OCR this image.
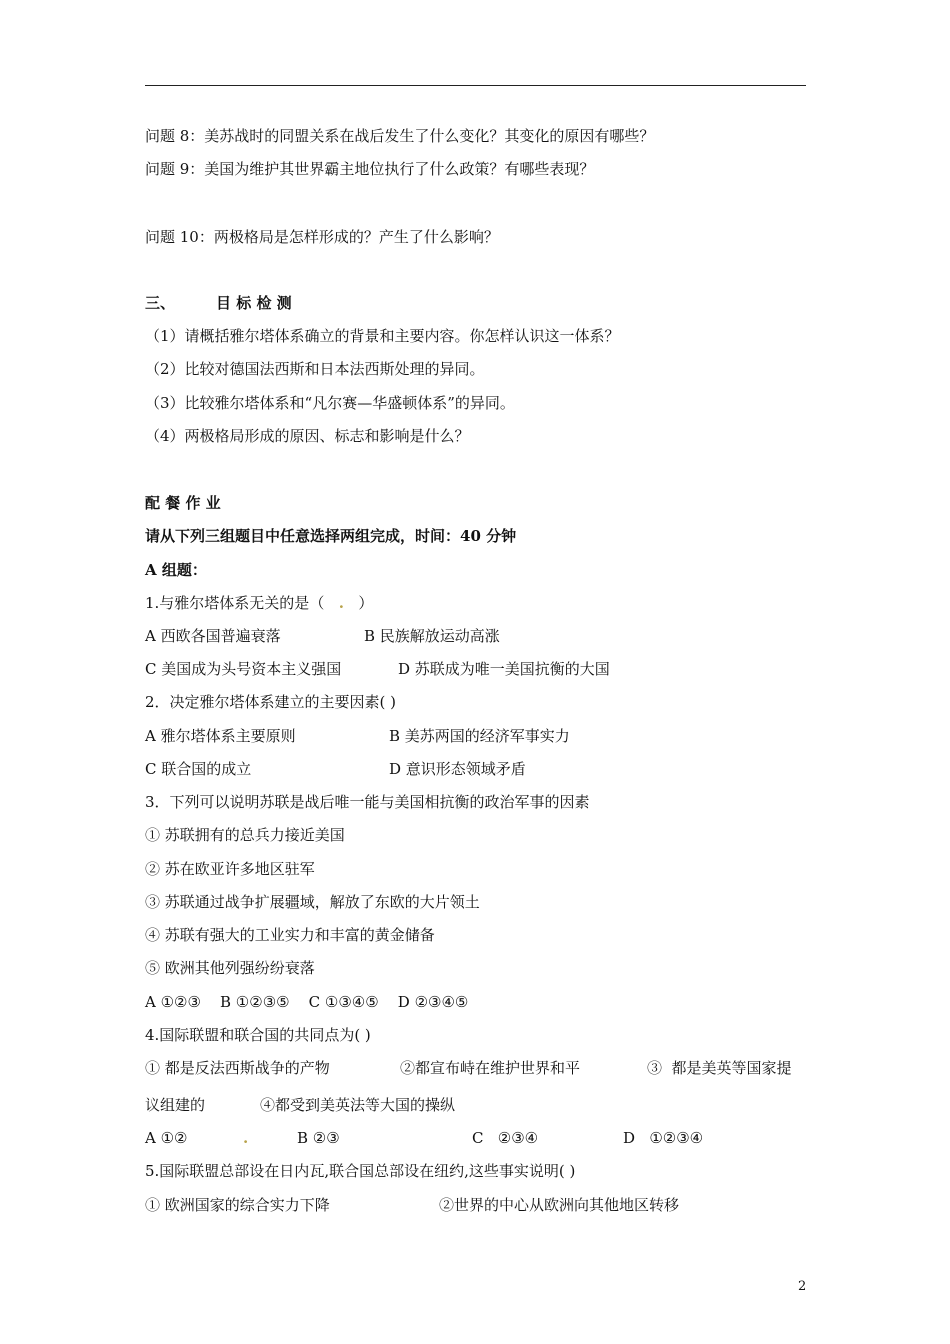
问题 8：美苏战时的同盟关系在战后发生了什么变化？其变化的原因有哪些？
问题 9：美国为维护其世界霸主地位执行了什么政策？有哪些表现？
问题 10：两极格局是怎样形成的？产生了什么影响？
三、	目 标 检 测
（1）请概括雅尔塔体系确立的背景和主要内容。你怎样认识这一体系？
（2）比较对德国法西斯和日本法西斯处理的异同。
（3）比较雅尔塔体系和“凡尔赛—华盛顿体系”的异同。
（4）两极格局形成的原因、标志和影响是什么？
配 餐 作 业
请从下列三组题目中任意选择两组完成，时间：40 分钟
A 组题：
1.与雅尔塔体系无关的是（ . ）
A 西欧各国普遍衰落	B 民族解放运动高涨
C 美国成为头号资本主义强国	D 苏联成为唯一美国抗衡的大国
2．决定雅尔塔体系建立的主要因素( )
A 雅尔塔体系主要原则	B 美苏两国的经济军事实力
C 联合国的成立	D 意识形态领域矛盾
3．下列可以说明苏联是战后唯一能与美国相抗衡的政治军事的因素
① 苏联拥有的总兵力接近美国
② 苏在欧亚许多地区驻军
③ 苏联通过战争扩展疆域，解放了东欧的大片领土
④ 苏联有强大的工业实力和丰富的黄金储备
⑤ 欧洲其他列强纷纷衰落
A ①②③    B ①②③⑤    C ①③④⑤    D ②③④⑤
4.国际联盟和联合国的共同点为( )
① 都是反法西斯战争的产物	②都宣布峙在维护世界和平	③  都是美英等国家提
议组建的	④都受到美英法等大国的操纵
A ①②	.	B ②③	C   ②③④	D   ①②③④
5.国际联盟总部设在日内瓦,联合国总部设在纽约,这些事实说明( )
① 欧洲国家的综合实力下降	②世界的中心从欧洲向其他地区转移
2
